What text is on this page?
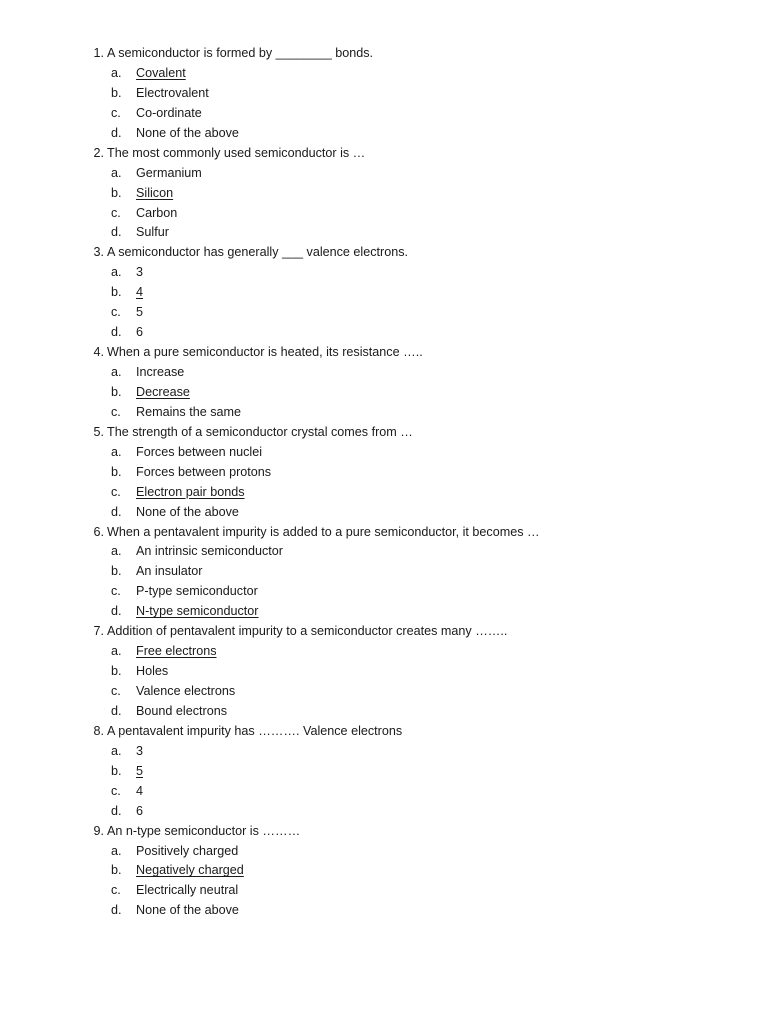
1. A semiconductor is formed by ________ bonds.
a.	Covalent
b.	Electrovalent
c.	Co-ordinate
d.	None of the above
2. The most commonly used semiconductor is …
a.	Germanium
b.	Silicon
c.	Carbon
d.	Sulfur
3. A semiconductor has generally ___ valence electrons.
a.	3
b.	4
c.	5
d.	6
4. When a pure semiconductor is heated, its resistance …..
a.	Increase
b.	Decrease
c.	Remains the same
5. The strength of a semiconductor crystal comes from …
a.	Forces between nuclei
b.	Forces between protons
c.	Electron pair bonds
d.	None of the above
6. When a pentavalent impurity is added to a pure semiconductor, it becomes …
a.	An intrinsic semiconductor
b.	An insulator
c.	P-type semiconductor
d.	N-type semiconductor
7. Addition of pentavalent impurity to a semiconductor creates many ……..
a.	Free electrons
b.	Holes
c.	Valence electrons
d.	Bound electrons
8. A pentavalent impurity has ………. Valence electrons
a.	3
b.	5
c.	4
d.	6
9. An n-type semiconductor is ………
a.	Positively charged
b.	Negatively charged
c.	Electrically neutral
d.	None of the above
